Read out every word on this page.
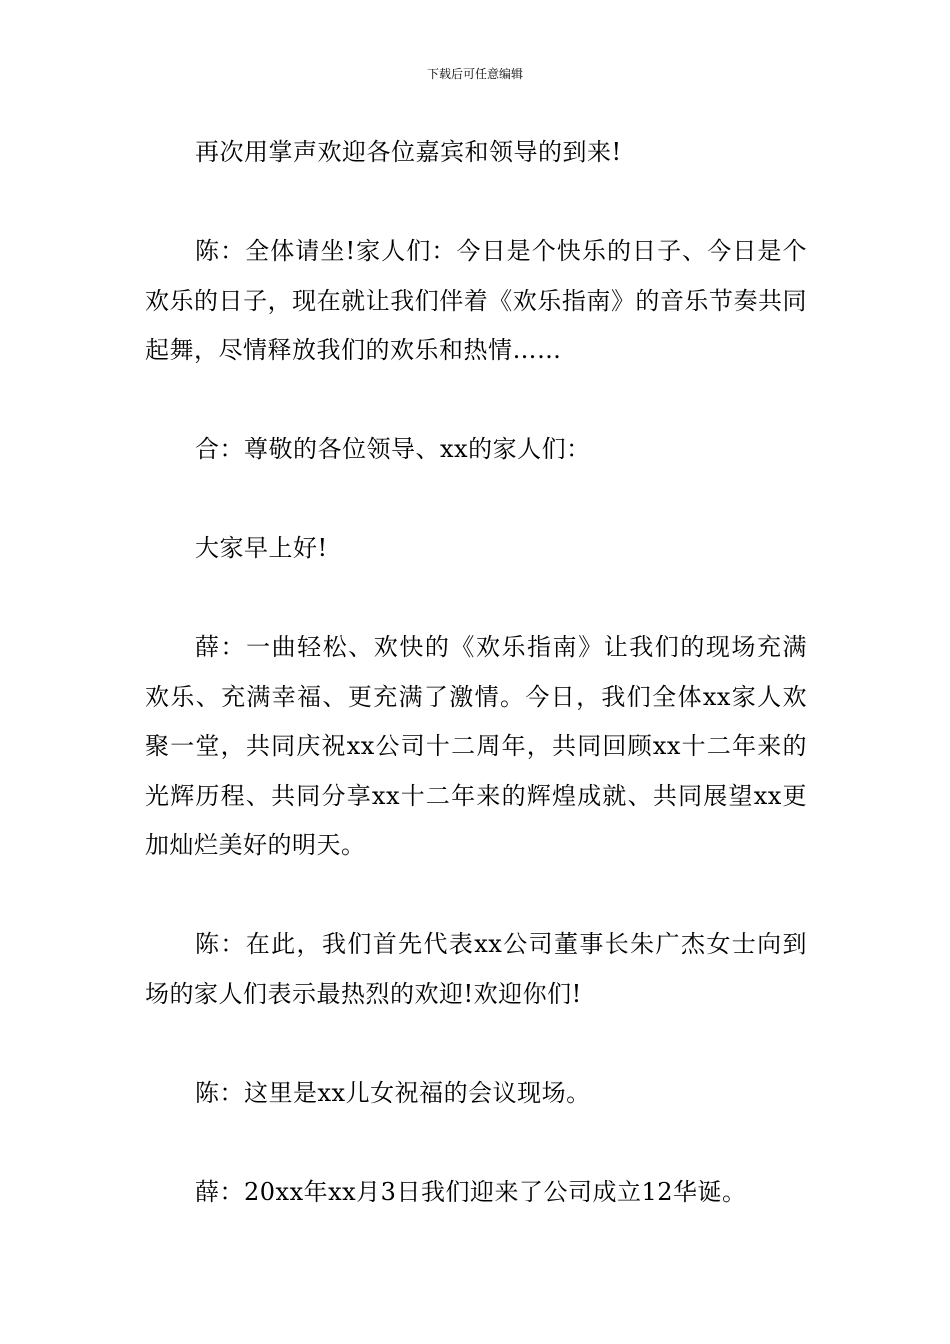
下载后可任意编辑

再次用掌声欢迎各位嘉宾和领导的到来!

陈：全体请坐!家人们：今日是个快乐的日子、今日是个欢乐的日子，现在就让我们伴着《欢乐指南》的音乐节奏共同起舞，尽情释放我们的欢乐和热情……

合：尊敬的各位领导、xx的家人们：

大家早上好!

薛：一曲轻松、欢快的《欢乐指南》让我们的现场充满欢乐、充满幸福、更充满了激情。今日，我们全体xx家人欢聚一堂，共同庆祝xx公司十二周年，共同回顾xx十二年来的光辉历程、共同分享xx十二年来的辉煌成就、共同展望xx更加灿烂美好的明天。

陈：在此，我们首先代表xx公司董事长朱广杰女士向到场的家人们表示最热烈的欢迎!欢迎你们!

陈：这里是xx儿女祝福的会议现场。

薛：20xx年xx月3日我们迎来了公司成立12华诞。
